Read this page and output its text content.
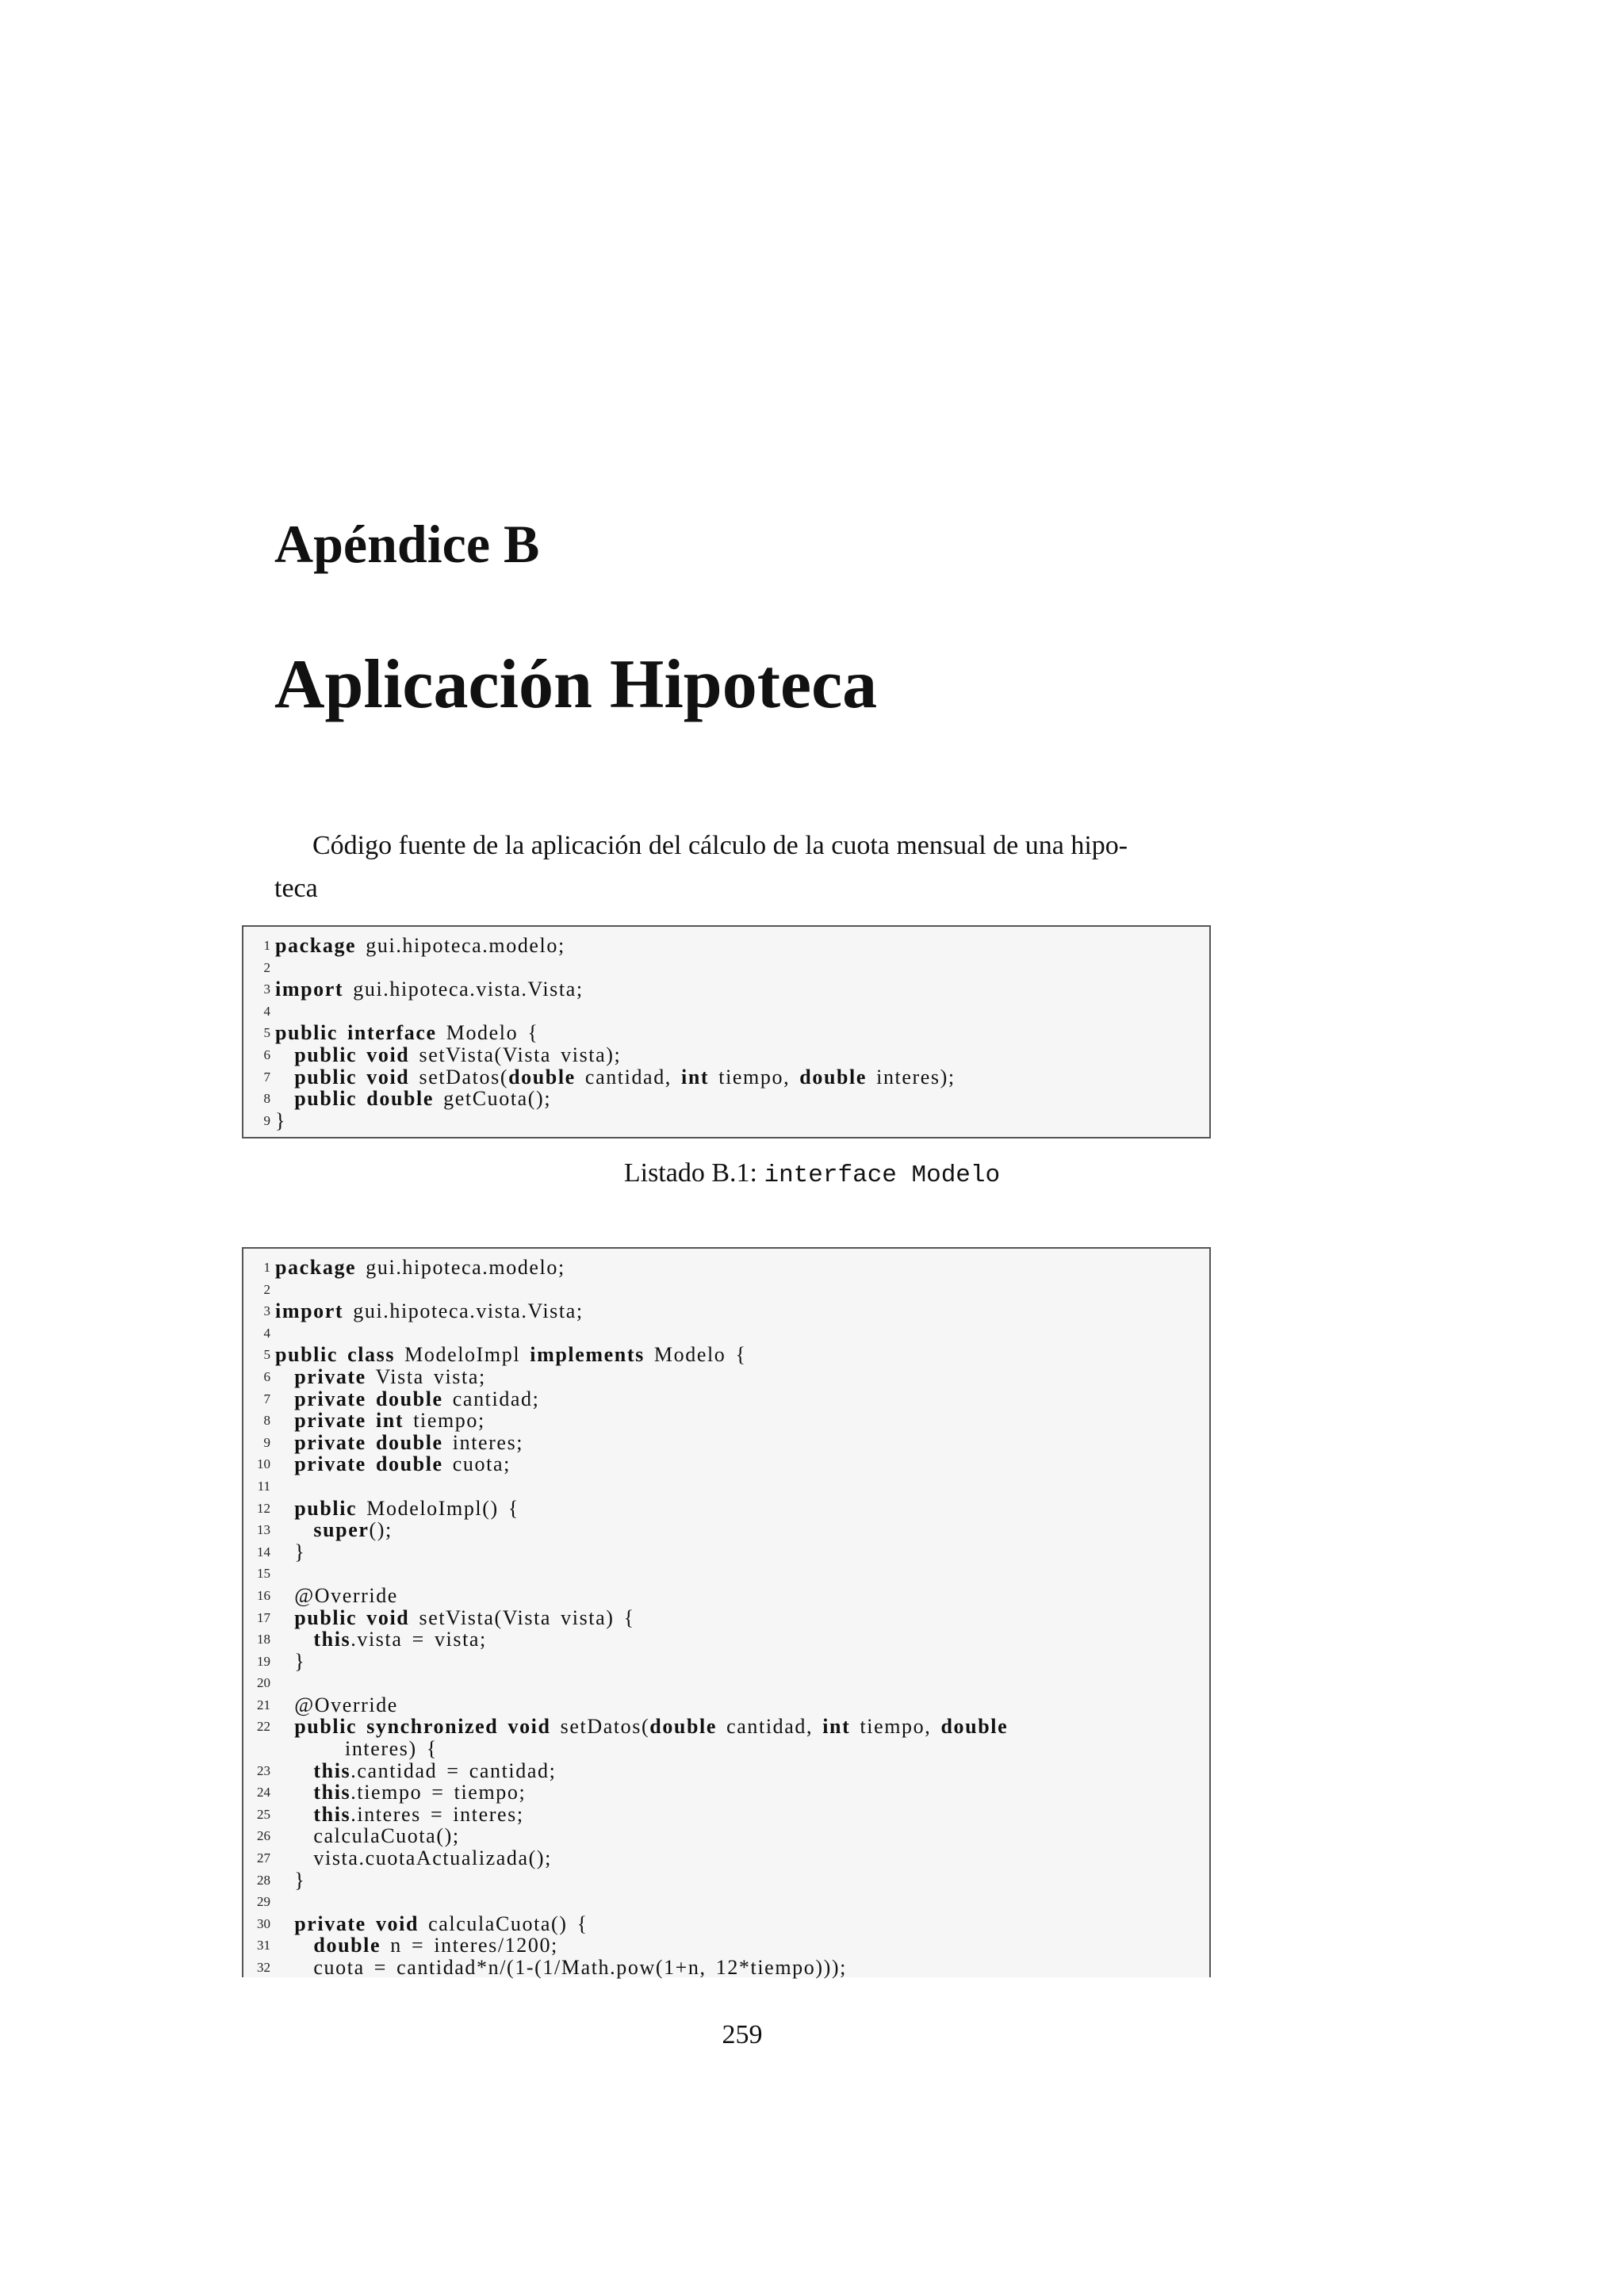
Apéndice B
Aplicación Hipoteca
Código fuente de la aplicación del cálculo de la cuota mensual de una hipo-
teca
1 package gui.hipoteca.modelo;
2
3 import gui.hipoteca.vista.Vista;
4
5 public interface Modelo {
6	public void setVista(Vista vista);
7	public void setDatos(double cantidad, int tiempo, double interes);
8	public double getCuota();
9 }
Listado B.1: interface Modelo
1 package gui.hipoteca.modelo;
2
3 import gui.hipoteca.vista.Vista;
4
5 public class ModeloImpl implements Modelo {
6	private Vista vista;
7	private double cantidad;
8	private int tiempo;
9	private double interes;
10	private double cuota;
11
12	public ModeloImpl() {
13	super();
14 }
15
16 @Override
17	public void setVista(Vista vista) {
18	this.vista = vista;
19 }
20
21 @Override
22	public synchronized void setDatos(double cantidad, int tiempo, double
interes) {
23	this.cantidad = cantidad;
24	this.tiempo = tiempo;
25	this.interes = interes;
26 calculaCuota();
27 vista.cuotaActualizada();
28 }
29
30	private void calculaCuota() {
31	double n = interes/1200;
32 cuota = cantidad*n/(1-(1/Math.pow(1+n, 12*tiempo)));
259
